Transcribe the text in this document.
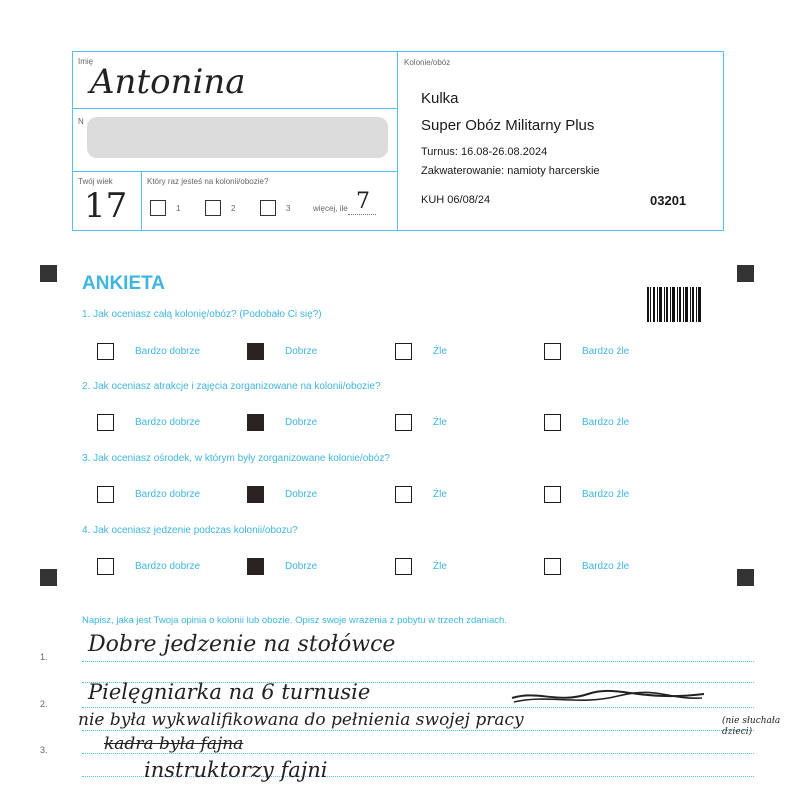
Imię
Antonina
N
Twój wiek
17
Który raz jesteś na kolonii/obozie?
1	2	3	więcej, ile 7
Kolonie/obóz
Kulka
Super Obóz Militarny Plus
Turnus: 16.08-26.08.2024
Zakwaterowanie: namioty harcerskie
KUH 06/08/24	03201
ANKIETA
1. Jak oceniasz całą kolonię/obóz? (Podobało Ci się?)
Bardzo dobrze	Dobrze	Źle	Bardzo źle
2. Jak oceniasz atrakcje i zajęcia zorganizowane na kolonii/obozie?
Bardzo dobrze	Dobrze	Źle	Bardzo źle
3. Jak oceniasz ośrodek, w którym były zorganizowane kolonie/obóz?
Bardzo dobrze	Dobrze	Źle	Bardzo źle
4. Jak oceniasz jedzenie podczas kolonii/obozu?
Bardzo dobrze	Dobrze	Źle	Bardzo źle
Napisz, jaka jest Twoja opinia o kolonii lub obozie. Opisz swoje wrażenia z pobytu w trzech zdaniach.
1.
2.
3.
Dobre jedzenie na stołówce
Pielęgniarka na 6 turnusie
nie była wykwalifikowana do pełnienia swojej pracy	(nie słuchała dzieci)
kadra była fajna
instruktorzy fajni
